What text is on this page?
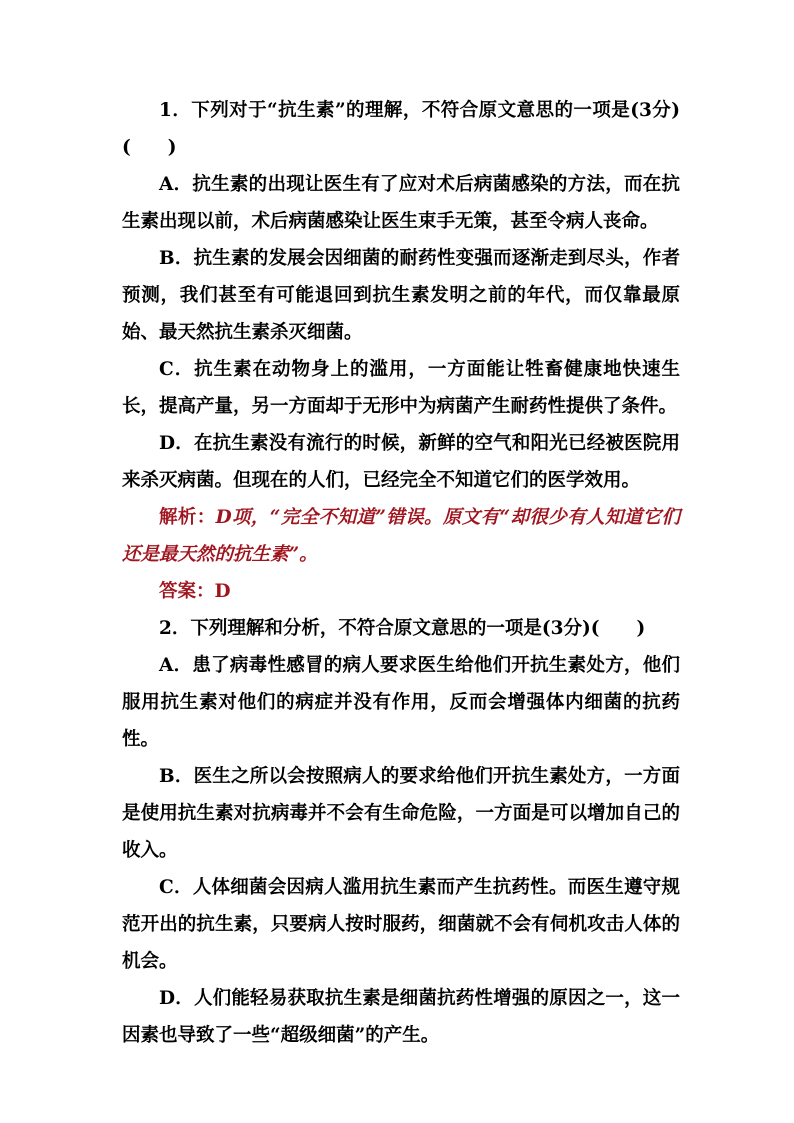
1．下列对于“抗生素”的理解，不符合原文意思的一项是(3分)(　　)

A．抗生素的出现让医生有了应对术后病菌感染的方法，而在抗生素出现以前，术后病菌感染让医生束手无策，甚至令病人丧命。

B．抗生素的发展会因细菌的耐药性变强而逐渐走到尽头，作者预测，我们甚至有可能退回到抗生素发明之前的年代，而仅靠最原始、最天然抗生素杀灭细菌。

C．抗生素在动物身上的滥用，一方面能让牲畜健康地快速生长，提高产量，另一方面却于无形中为病菌产生耐药性提供了条件。

D．在抗生素没有流行的时候，新鲜的空气和阳光已经被医院用来杀灭病菌。但现在的人们，已经完全不知道它们的医学效用。

解析：D项，“完全不知道”错误。原文有“却很少有人知道它们还是最天然的抗生素”。

答案：D

2．下列理解和分析，不符合原文意思的一项是(3分)(　　)

A．患了病毒性感冒的病人要求医生给他们开抗生素处方，他们服用抗生素对他们的病症并没有作用，反而会增强体内细菌的抗药性。

B．医生之所以会按照病人的要求给他们开抗生素处方，一方面是使用抗生素对抗病毒并不会有生命危险，一方面是可以增加自己的收入。

C．人体细菌会因病人滥用抗生素而产生抗药性。而医生遵守规范开出的抗生素，只要病人按时服药，细菌就不会有伺机攻击人体的机会。

D．人们能轻易获取抗生素是细菌抗药性增强的原因之一，这一因素也导致了一些“超级细菌”的产生。
